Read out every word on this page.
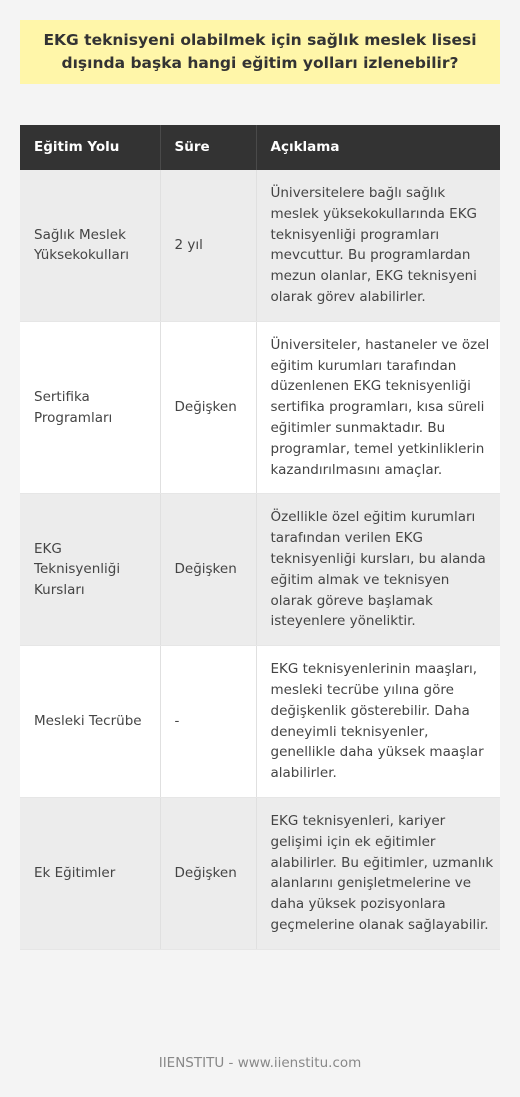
EKG teknisyeni olabilmek için sağlık meslek lisesi dışında başka hangi eğitim yolları izlenebilir?
Eğitim Yolu	Süre	Açıklama
Sağlık Meslek Yüksekokulları	2 yıl	Üniversitelere bağlı sağlık meslek yüksekokullarında EKG teknisyenliği programları mevcuttur. Bu programlardan mezun olanlar, EKG teknisyeni olarak görev alabilirler.
Sertifika Programları	Değişken	Üniversiteler, hastaneler ve özel eğitim kurumları tarafından düzenlenen EKG teknisyenliği sertifika programları, kısa süreli eğitimler sunmaktadır. Bu programlar, temel yetkinliklerin kazandırılmasını amaçlar.
EKG Teknisyenliği Kursları	Değişken	Özellikle özel eğitim kurumları tarafından verilen EKG teknisyenliği kursları, bu alanda eğitim almak ve teknisyen olarak göreve başlamak isteyenlere yöneliktir.
Mesleki Tecrübe	-	EKG teknisyenlerinin maaşları, mesleki tecrübe yılına göre değişkenlik gösterebilir. Daha deneyimli teknisyenler, genellikle daha yüksek maaşlar alabilirler.
Ek Eğitimler	Değişken	EKG teknisyenleri, kariyer gelişimi için ek eğitimler alabilirler. Bu eğitimler, uzmanlık alanlarını genişletmelerine ve daha yüksek pozisyonlara geçmelerine olanak sağlayabilir.
IIENSTITU - www.iienstitu.com
